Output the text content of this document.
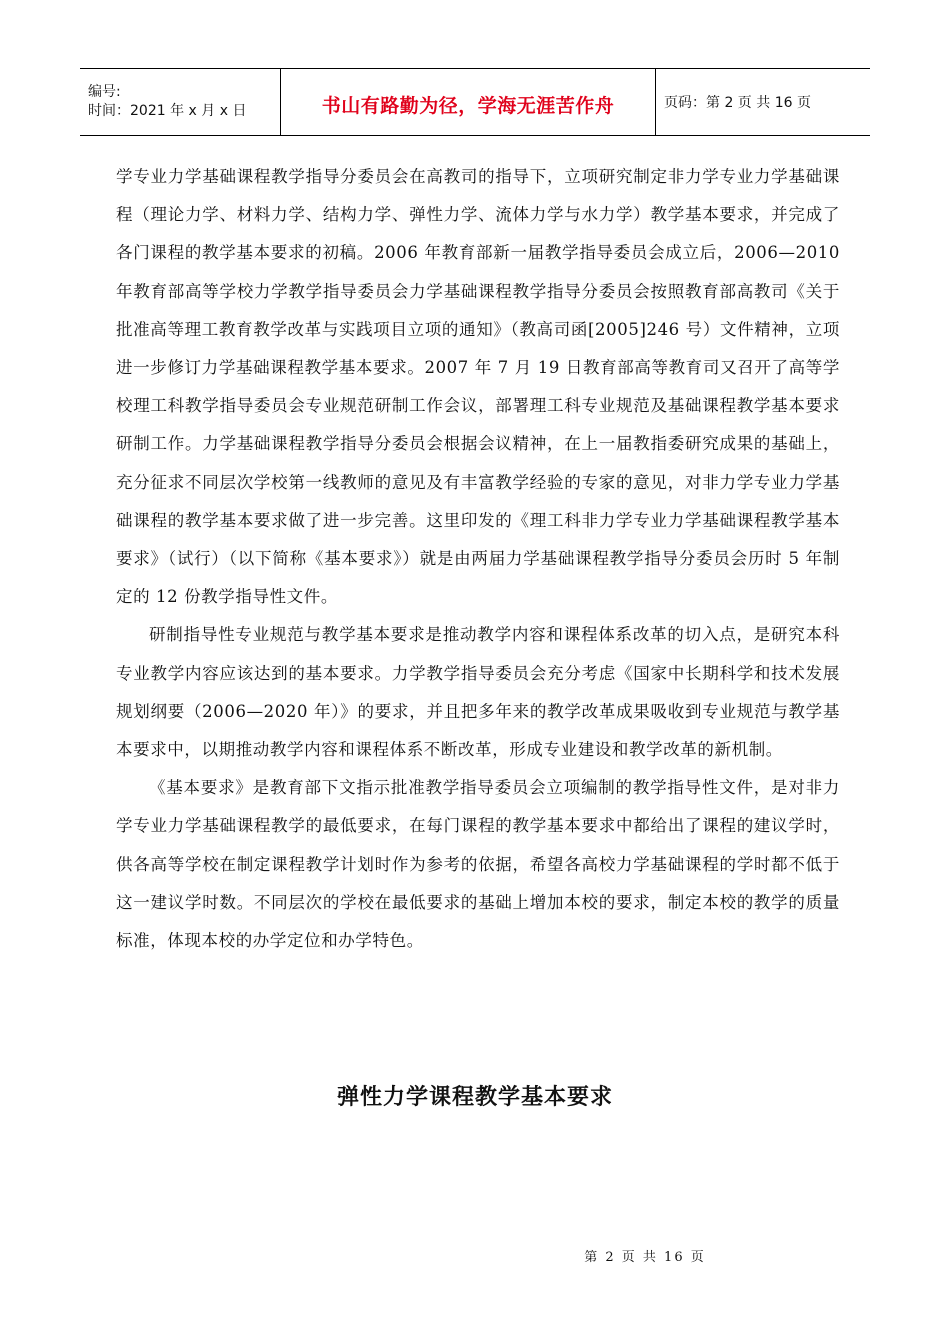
编号:
时间：2021 年 x 月 x 日	书山有路勤为径，学海无涯苦作舟	页码：第 2 页 共 16 页

学专业力学基础课程教学指导分委员会在高教司的指导下，立项研究制定非力学专业力学基础课程（理论力学、材料力学、结构力学、弹性力学、流体力学与水力学）教学基本要求，并完成了各门课程的教学基本要求的初稿。2006 年教育部新一届教学指导委员会成立后，2006—2010 年教育部高等学校力学教学指导委员会力学基础课程教学指导分委员会按照教育部高教司《关于批准高等理工教育教学改革与实践项目立项的通知》（教高司函[2005]246 号）文件精神，立项进一步修订力学基础课程教学基本要求。2007 年 7 月 19 日教育部高等教育司又召开了高等学校理工科教学指导委员会专业规范研制工作会议，部署理工科专业规范及基础课程教学基本要求研制工作。力学基础课程教学指导分委员会根据会议精神，在上一届教指委研究成果的基础上，充分征求不同层次学校第一线教师的意见及有丰富教学经验的专家的意见，对非力学专业力学基础课程的教学基本要求做了进一步完善。这里印发的《理工科非力学专业力学基础课程教学基本要求》（试行）（以下简称《基本要求》）就是由两届力学基础课程教学指导分委员会历时 5 年制定的 12 份教学指导性文件。

研制指导性专业规范与教学基本要求是推动教学内容和课程体系改革的切入点，是研究本科专业教学内容应该达到的基本要求。力学教学指导委员会充分考虑《国家中长期科学和技术发展规划纲要（2006—2020 年）》的要求，并且把多年来的教学改革成果吸收到专业规范与教学基本要求中，以期推动教学内容和课程体系不断改革，形成专业建设和教学改革的新机制。

《基本要求》是教育部下文指示批准教学指导委员会立项编制的教学指导性文件，是对非力学专业力学基础课程教学的最低要求，在每门课程的教学基本要求中都给出了课程的建议学时，供各高等学校在制定课程教学计划时作为参考的依据，希望各高校力学基础课程的学时都不低于这一建议学时数。不同层次的学校在最低要求的基础上增加本校的要求，制定本校的教学的质量标准，体现本校的办学定位和办学特色。

弹性力学课程教学基本要求
第 2 页 共 16 页
